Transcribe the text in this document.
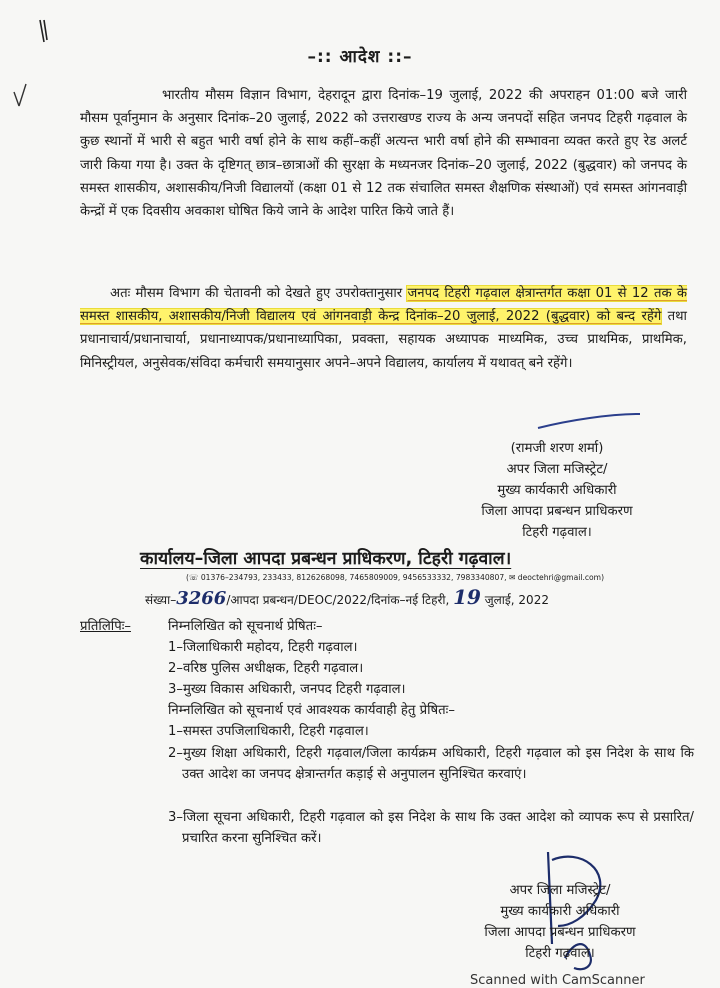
–:: आदेश ::–
भारतीय मौसम विज्ञान विभाग, देहरादून द्वारा दिनांक–19 जुलाई, 2022 की अपराहन 01:00 बजे जारी मौसम पूर्वानुमान के अनुसार दिनांक–20 जुलाई, 2022 को उत्तराखण्ड राज्य के अन्य जनपदों सहित जनपद टिहरी गढ़वाल के कुछ स्थानों में भारी से बहुत भारी वर्षा होने के साथ कहीं–कहीं अत्यन्त भारी वर्षा होने की सम्भावना व्यक्त करते हुए रेड अलर्ट जारी किया गया है। उक्त के दृष्टिगत् छात्र–छात्राओं की सुरक्षा के मध्यनजर दिनांक–20 जुलाई, 2022 (बुद्धवार) को जनपद के समस्त शासकीय, अशासकीय/निजी विद्यालयों (कक्षा 01 से 12 तक संचालित समस्त शैक्षणिक संस्थाओं) एवं समस्त आंगनवाड़ी केन्द्रों में एक दिवसीय अवकाश घोषित किये जाने के आदेश पारित किये जाते हैं।
अतः मौसम विभाग की चेतावनी को देखते हुए उपरोक्तानुसार जनपद टिहरी गढ़वाल क्षेत्रान्तर्गत कक्षा 01 से 12 तक के समस्त शासकीय, अशासकीय/निजी विद्यालय एवं आंगनवाड़ी केन्द्र दिनांक–20 जुलाई, 2022 (बुद्धवार) को बन्द रहेंगे तथा प्रधानाचार्य/प्रधानाचार्या, प्रधानाध्यापक/प्रधानाध्यापिका, प्रवक्ता, सहायक अध्यापक माध्यमिक, उच्च प्राथमिक, प्राथमिक, मिनिस्ट्रीयल, अनुसेवक/संविदा कर्मचारी समयानुसार अपने–अपने विद्यालय, कार्यालय में यथावत् बने रहेंगे।
(रामजी शरण शर्मा)
अपर जिला मजिस्ट्रेट/
मुख्य कार्यकारी अधिकारी
जिला आपदा प्रबन्धन प्राधिकरण
टिहरी गढ़वाल।
कार्यालय–जिला आपदा प्रबन्धन प्राधिकरण, टिहरी गढ़वाल।
(☏ 01376–234793, 233433, 8126268098, 7465809009, 9456533332, 7983340807, ✉ deoctehri@gmail.com)
संख्या–3266/आपदा प्रबन्धन/DEOC/2022/दिनांक–नई टिहरी, 19 जुलाई, 2022
प्रतिलिपिः–	निम्नलिखित को सूचनार्थ प्रेषितः–
1–जिलाधिकारी महोदय, टिहरी गढ़वाल।
2–वरिष्ठ पुलिस अधीक्षक, टिहरी गढ़वाल।
3–मुख्य विकास अधिकारी, जनपद टिहरी गढ़वाल।
निम्नलिखित को सूचनार्थ एवं आवश्यक कार्यवाही हेतु प्रेषितः–
1–समस्त उपजिलाधिकारी, टिहरी गढ़वाल।
2–मुख्य शिक्षा अधिकारी, टिहरी गढ़वाल/जिला कार्यक्रम अधिकारी, टिहरी गढ़वाल को इस निदेश के साथ कि उक्त आदेश का जनपद क्षेत्रान्तर्गत कड़ाई से अनुपालन सुनिश्चित करवाएं।
3–जिला सूचना अधिकारी, टिहरी गढ़वाल को इस निदेश के साथ कि उक्त आदेश को व्यापक रूप से प्रसारित/प्रचारित करना सुनिश्चित करें।
अपर जिला मजिस्ट्रेट/
मुख्य कार्यकारी अधिकारी
जिला आपदा प्रबन्धन प्राधिकरण
टिहरी गढ़वाल।
Scanned with CamScanner
